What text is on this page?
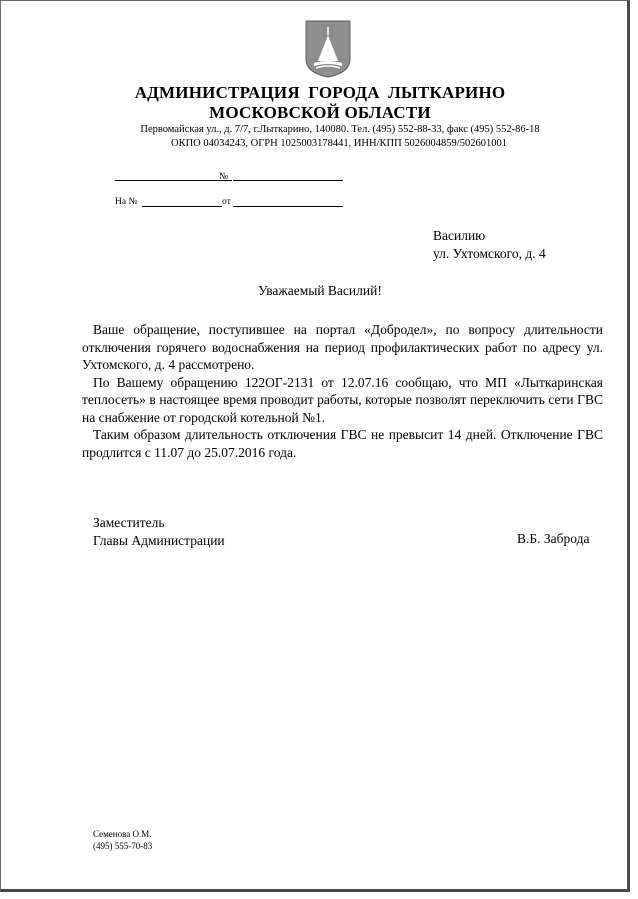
АДМИНИСТРАЦИЯ ГОРОДА ЛЫТКАРИНО
МОСКОВСКОЙ ОБЛАСТИ
Первомайская ул., д. 7/7, г.Лыткарино, 140080. Тел. (495) 552-88-33, факс (495) 552-86-18
ОКПО 04034243, ОГРН 1025003178441, ИНН/КПП 5026004859/502601001
№
На №	от
Василию
ул. Ухтомского, д. 4
Уважаемый Василий!

Ваше обращение, поступившее на портал «Добродел», по вопросу длительности отключения горячего водоснабжения на период профилактических работ по адресу ул. Ухтомского, д. 4 рассмотрено.

По Вашему обращению 122ОГ-2131 от 12.07.16 сообщаю, что МП «Лыткаринская теплосеть» в настоящее время проводит работы, которые позволят переключить сети ГВС на снабжение от городской котельной №1.

Таким образом длительность отключения ГВС не превысит 14 дней. Отключение ГВС продлится с 11.07 до 25.07.2016 года.

Заместитель
Главы Администрации	В.Б. Заброда
Семенова О.М.
(495) 555-70-83
